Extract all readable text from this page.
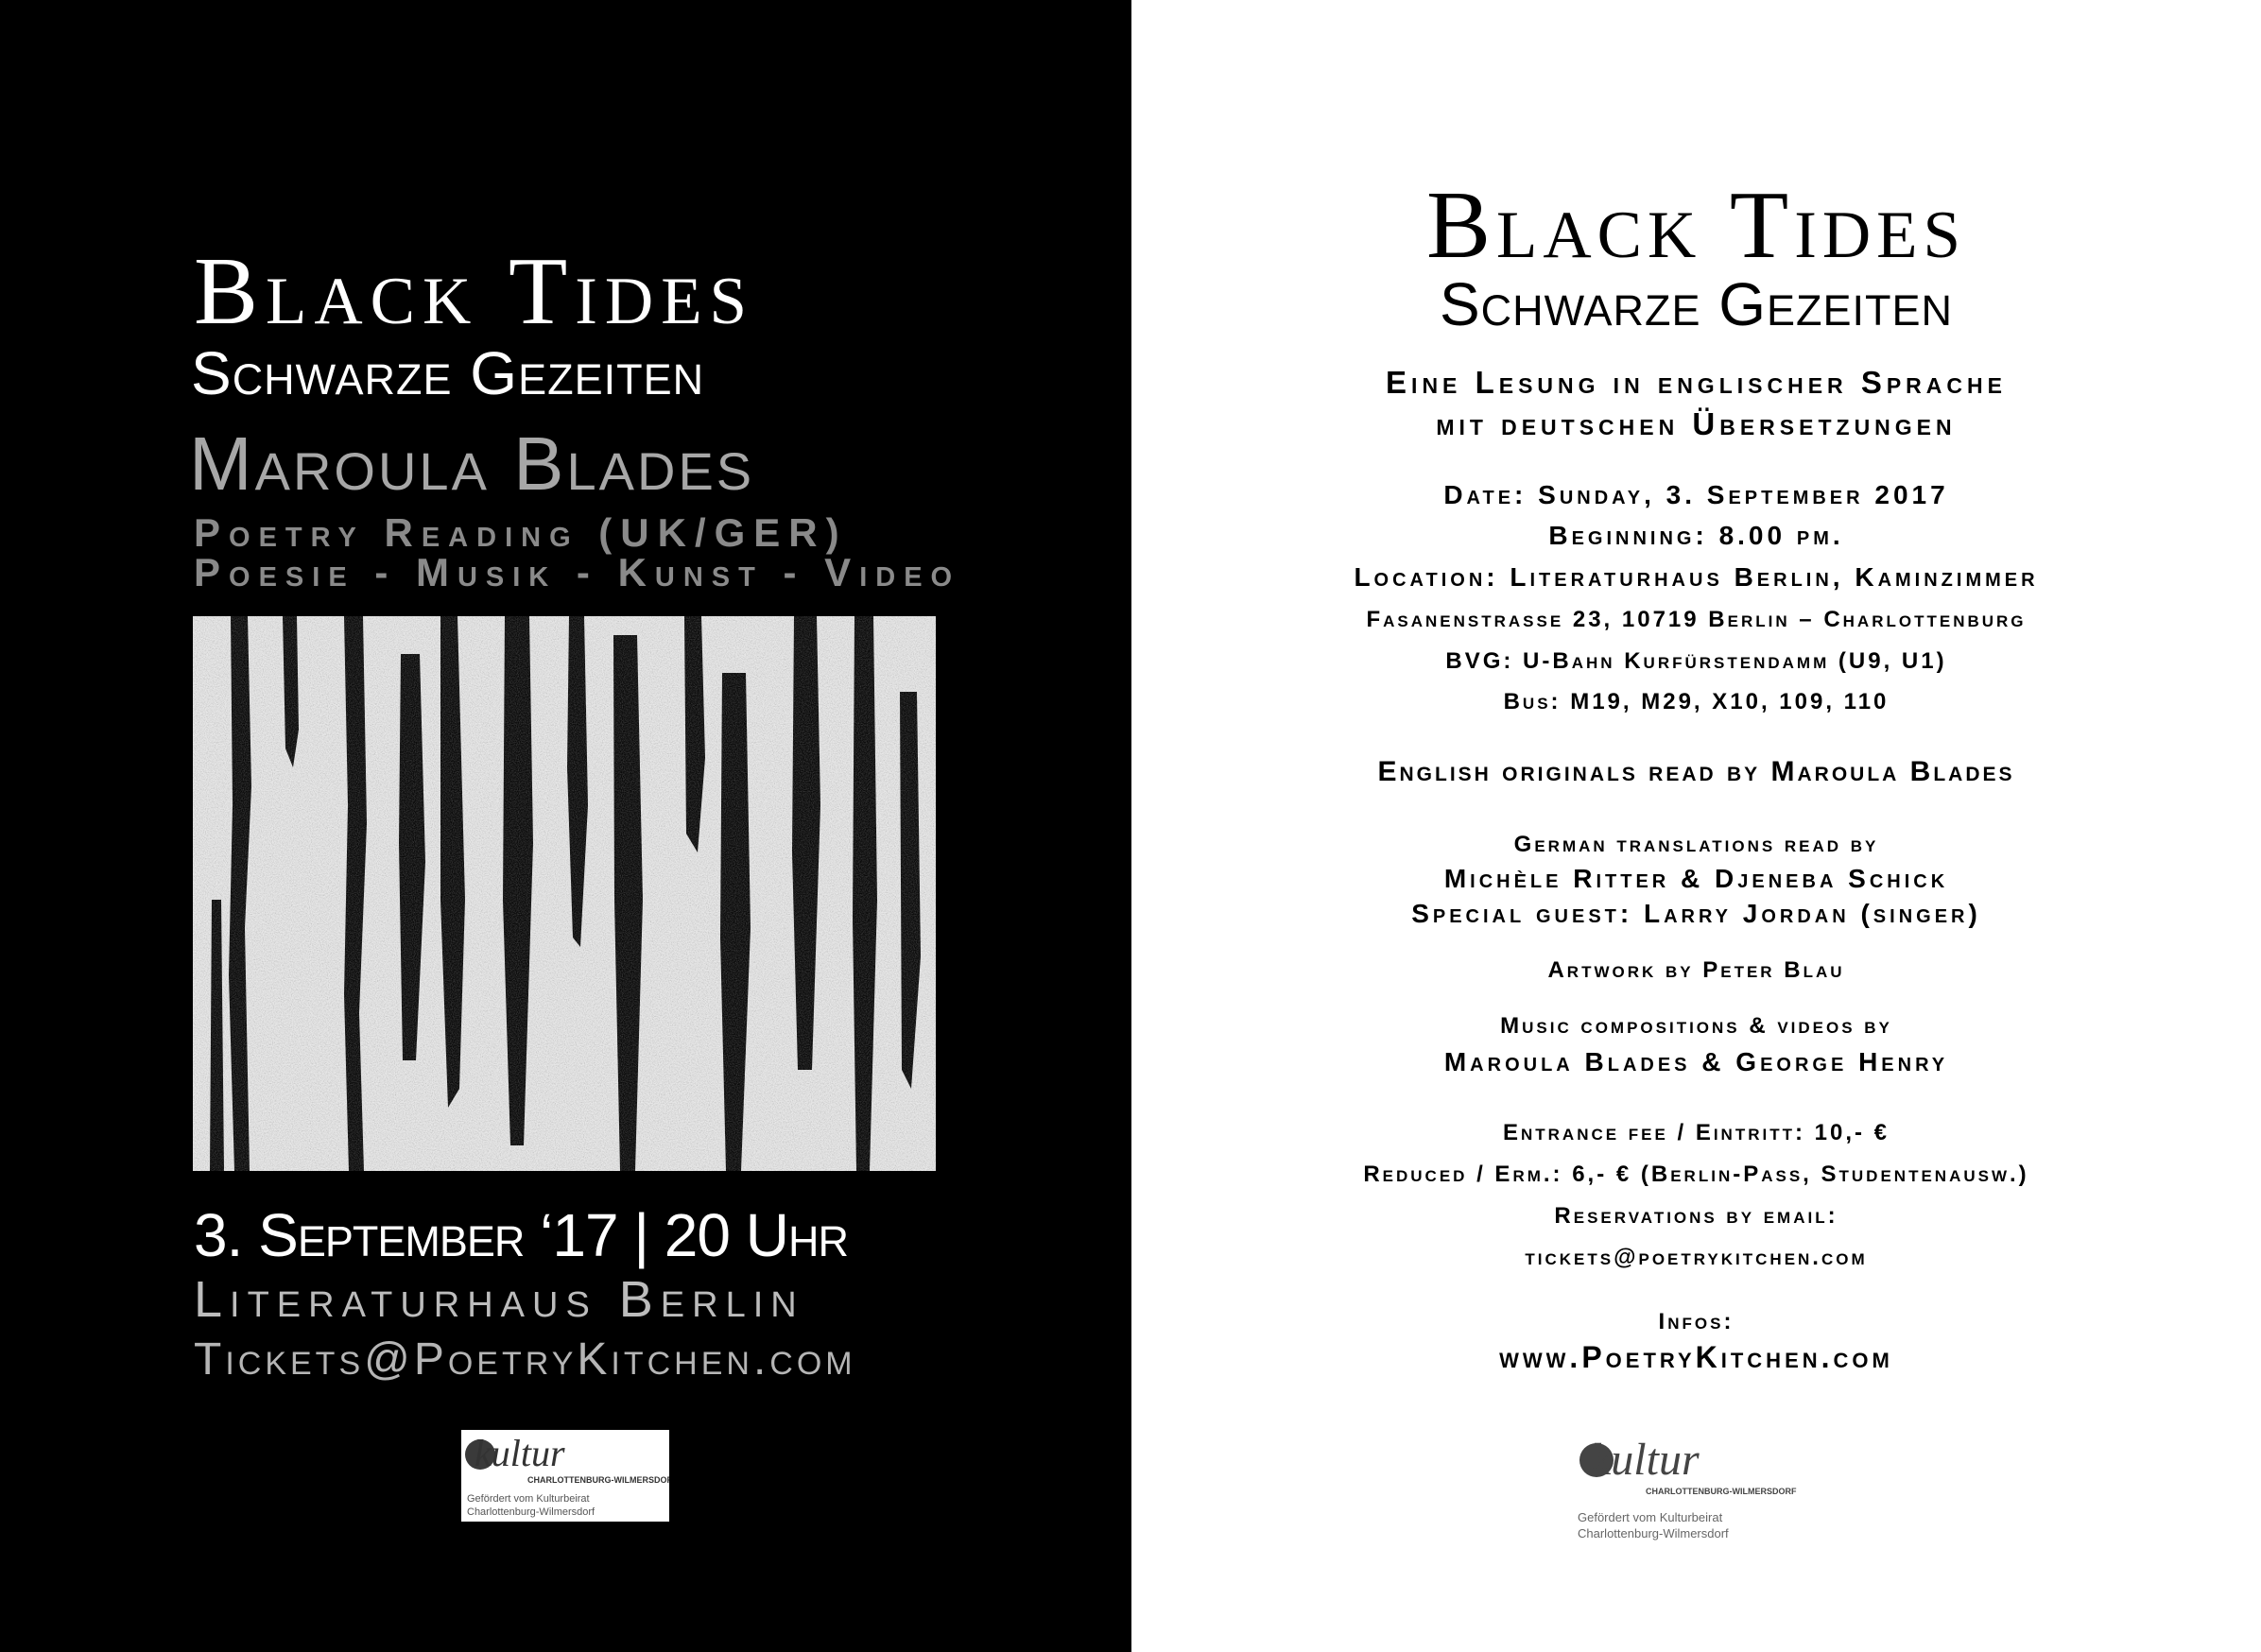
Black Tides
Schwarze Gezeiten
Maroula Blades
Poetry Reading (UK/GER)
Poesie - Musik - Kunst - Video
3. September ‘17 | 20 Uhr
Literaturhaus Berlin
Tickets@PoetryKitchen.com
kultur
CHARLOTTENBURG-WILMERSDORF
Gefördert vom Kulturbeirat
Charlottenburg-Wilmersdorf
Black Tides
Schwarze Gezeiten
Eine Lesung in englischer Sprache
mit deutschen Übersetzungen
Date: Sunday, 3. September 2017
Beginning: 8.00 pm.
Location: Literaturhaus Berlin, Kaminzimmer
Fasanenstrasse 23, 10719 Berlin – Charlottenburg
BVG: U-Bahn Kurfürstendamm (U9, U1)
Bus: M19, M29, X10, 109, 110
English originals read by Maroula Blades
German translations read by
Michèle Ritter & Djeneba Schick
Special guest: Larry Jordan (singer)
Artwork by Peter Blau
Music compositions & videos by
Maroula Blades & George Henry
Entrance fee / Eintritt: 10,- €
Reduced / Erm.: 6,- € (Berlin-Pass, Studentenausw.)
Reservations by email:
tickets@poetrykitchen.com
Infos:
www.PoetryKitchen.com
kultur
CHARLOTTENBURG-WILMERSDORF
Gefördert vom Kulturbeirat
Charlottenburg-Wilmersdorf
